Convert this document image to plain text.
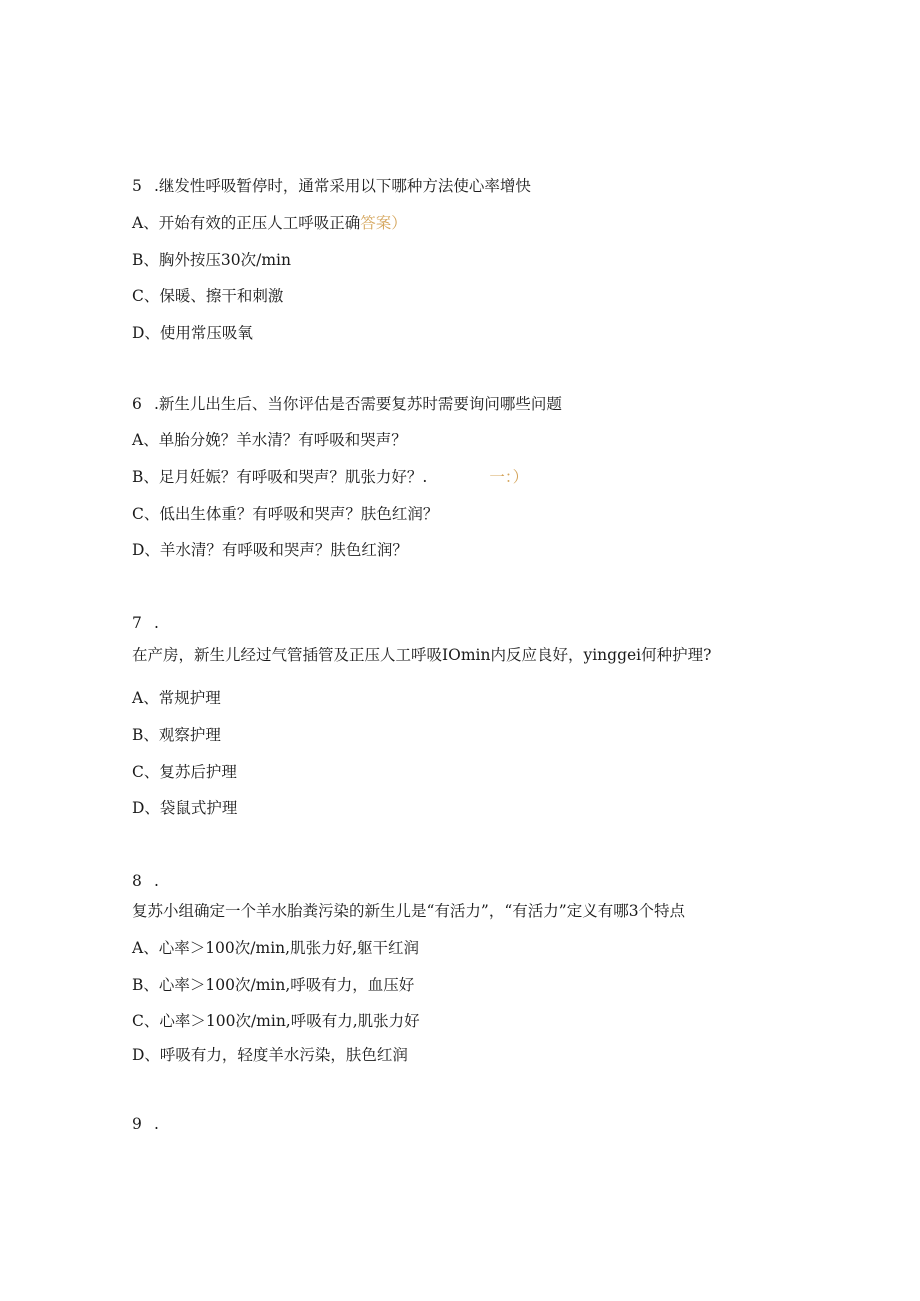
5 .继发性呼吸暂停时，通常采用以下哪种方法使心率增快
A、开始有效的正压人工呼吸正确答案）
B、胸外按压30次/min
C、保暖、擦干和刺激
D、使用常压吸氧
6 .新生儿出生后、当你评估是否需要复苏时需要询问哪些问题
A、单胎分娩？羊水清？有呼吸和哭声？
B、足月妊娠？有呼吸和哭声？肌张力好？.	一：）
C、低出生体重？有呼吸和哭声？肤色红润？
D、羊水清？有呼吸和哭声？肤色红润？
7 .
在产房，新生儿经过气管插管及正压人工呼吸IOmin内反应良好，yinggei何种护理?
A、常规护理
B、观察护理
C、复苏后护理
D、袋鼠式护理
8 .
复苏小组确定一个羊水胎粪污染的新生儿是“有活力”，“有活力”定义有哪3个特点
A、心率＞100次/min,肌张力好,躯干红润
B、心率＞100次/min,呼吸有力，血压好
C、心率＞100次/min,呼吸有力,肌张力好
D、呼吸有力，轻度羊水污染，肤色红润
9 .
